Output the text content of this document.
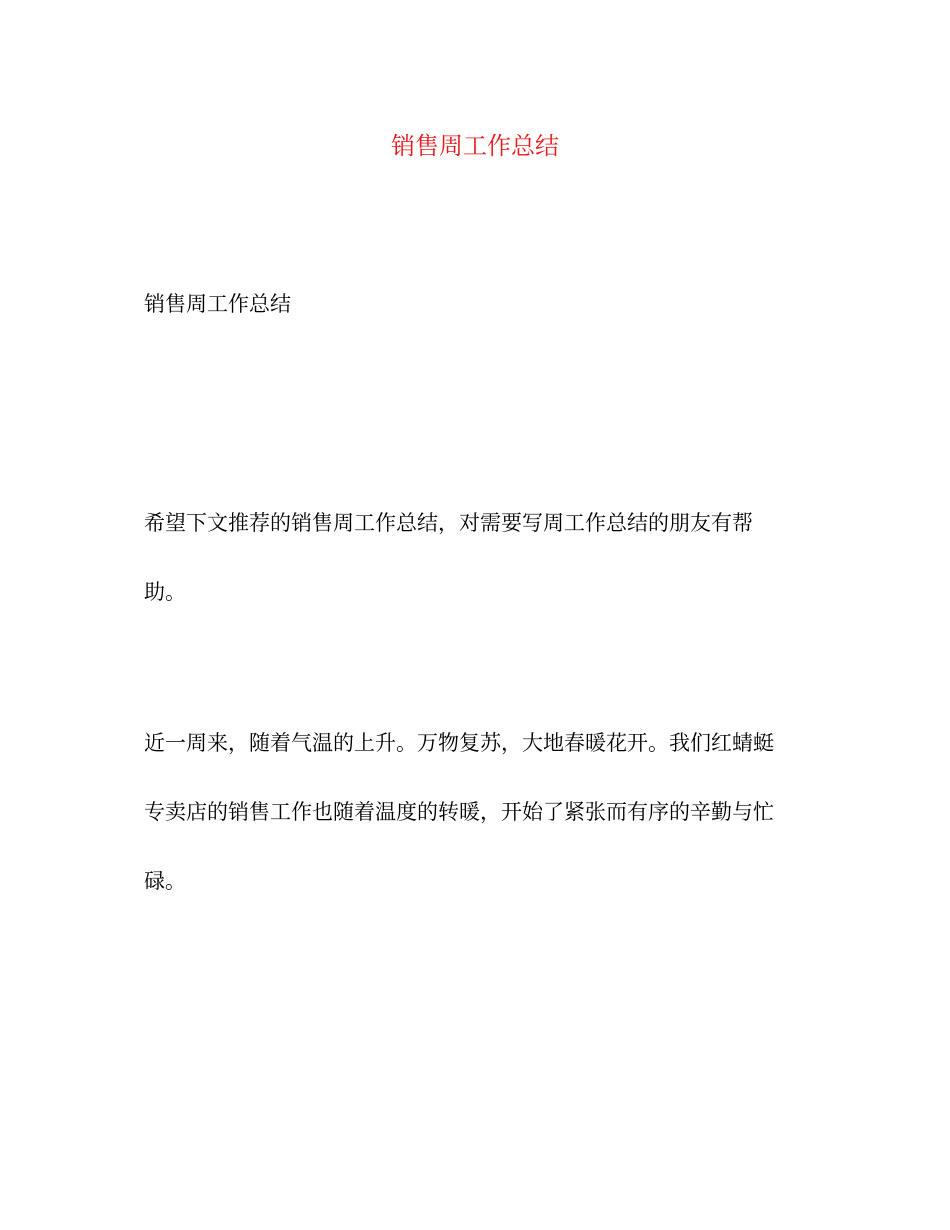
销售周工作总结

销售周工作总结

希望下文推荐的销售周工作总结，对需要写周工作总结的朋友有帮
助。
近一周来，随着气温的上升。万物复苏，大地春暖花开。我们红蜻蜓
专卖店的销售工作也随着温度的转暖，开始了紧张而有序的辛勤与忙
碌。
